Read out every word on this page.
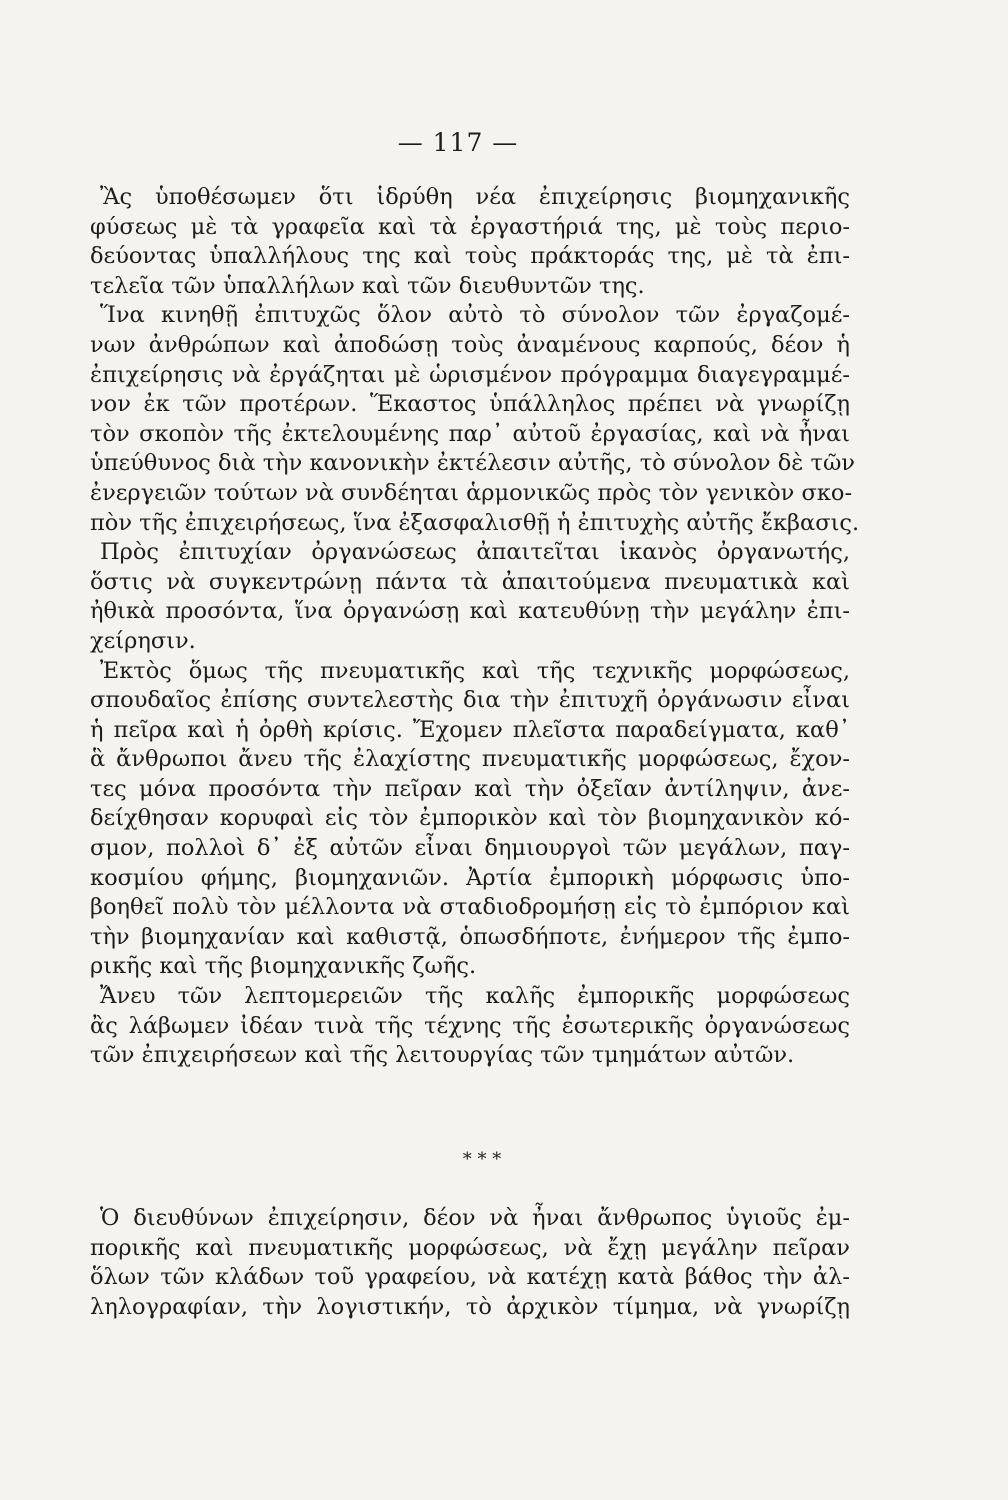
— 117 —
Ἂς ὑποθέσωμεν ὅτι ἱδρύθη νέα ἐπιχείρησις βιομηχανικῆς
φύσεως μὲ τὰ γραφεῖα καὶ τὰ ἐργαστήριά της, μὲ τοὺς περιο-
δεύοντας ὑπαλλήλους της καὶ τοὺς πράκτοράς της, μὲ τὰ ἐπι-
τελεῖα τῶν ὑπαλλήλων καὶ τῶν διευθυντῶν της.
Ἵνα κινηθῇ ἐπιτυχῶς ὅλον αὐτὸ τὸ σύνολον τῶν ἐργαζομέ-
νων ἀνθρώπων καὶ ἀποδώσῃ τοὺς ἀναμένους καρπούς, δέον ἡ
ἐπιχείρησις νὰ ἐργάζηται μὲ ὡρισμένον πρόγραμμα διαγεγραμμέ-
νον ἐκ τῶν προτέρων. Ἕκαστος ὑπάλληλος πρέπει νὰ γνωρίζῃ
τὸν σκοπὸν τῆς ἐκτελουμένης παρ᾽ αὐτοῦ ἐργασίας, καὶ νὰ ἦναι
ὑπεύθυνος διὰ τὴν κανονικὴν ἐκτέλεσιν αὐτῆς, τὸ σύνολον δὲ τῶν
ἐνεργειῶν τούτων νὰ συνδέηται ἁρμονικῶς πρὸς τὸν γενικὸν σκο-
πὸν τῆς ἐπιχειρήσεως, ἵνα ἐξασφαλισθῇ ἡ ἐπιτυχὴς αὐτῆς ἔκβασις.
Πρὸς ἐπιτυχίαν ὀργανώσεως ἀπαιτεῖται ἱκανὸς ὀργανωτής,
ὅστις νὰ συγκεντρώνῃ πάντα τὰ ἀπαιτούμενα πνευματικὰ καὶ
ἠθικὰ προσόντα, ἵνα ὀργανώσῃ καὶ κατευθύνῃ τὴν μεγάλην ἐπι-
χείρησιν.
Ἐκτὸς ὅμως τῆς πνευματικῆς καὶ τῆς τεχνικῆς μορφώσεως,
σπουδαῖος ἐπίσης συντελεστὴς δια τὴν ἐπιτυχῆ ὀργάνωσιν εἶναι
ἡ πεῖρα καὶ ἡ ὀρθὴ κρίσις. Ἔχομεν πλεῖστα παραδείγματα, καθ᾽
ἃ ἄνθρωποι ἄνευ τῆς ἐλαχίστης πνευματικῆς μορφώσεως, ἔχον-
τες μόνα προσόντα τὴν πεῖραν καὶ τὴν ὀξεῖαν ἀντίληψιν, ἀνε-
δείχθησαν κορυφαὶ εἰς τὸν ἐμπορικὸν καὶ τὸν βιομηχανικὸν κό-
σμον, πολλοὶ δ᾽ ἐξ αὐτῶν εἶναι δημιουργοὶ τῶν μεγάλων, παγ-
κοσμίου φήμης, βιομηχανιῶν. Ἀρτία ἐμπορικὴ μόρφωσις ὑπο-
βοηθεῖ πολὺ τὸν μέλλοντα νὰ σταδιοδρομήσῃ εἰς τὸ ἐμπόριον καὶ
τὴν βιομηχανίαν καὶ καθιστᾷ, ὁπωσδήποτε, ἐνήμερον τῆς ἐμπο-
ρικῆς καὶ τῆς βιομηχανικῆς ζωῆς.
Ἄνευ τῶν λεπτομερειῶν τῆς καλῆς ἐμπορικῆς μορφώσεως
ἂς λάβωμεν ἰδέαν τινὰ τῆς τέχνης τῆς ἐσωτερικῆς ὀργανώσεως
τῶν ἐπιχειρήσεων καὶ τῆς λειτουργίας τῶν τμημάτων αὐτῶν.
* * *
Ὁ διευθύνων ἐπιχείρησιν, δέον νὰ ἦναι ἄνθρωπος ὑγιοῦς ἐμ-
πορικῆς καὶ πνευματικῆς μορφώσεως, νὰ ἔχῃ μεγάλην πεῖραν
ὅλων τῶν κλάδων τοῦ γραφείου, νὰ κατέχῃ κατὰ βάθος τὴν ἀλ-
ληλογραφίαν, τὴν λογιστικήν, τὸ ἀρχικὸν τίμημα, νὰ γνωρίζῃ
